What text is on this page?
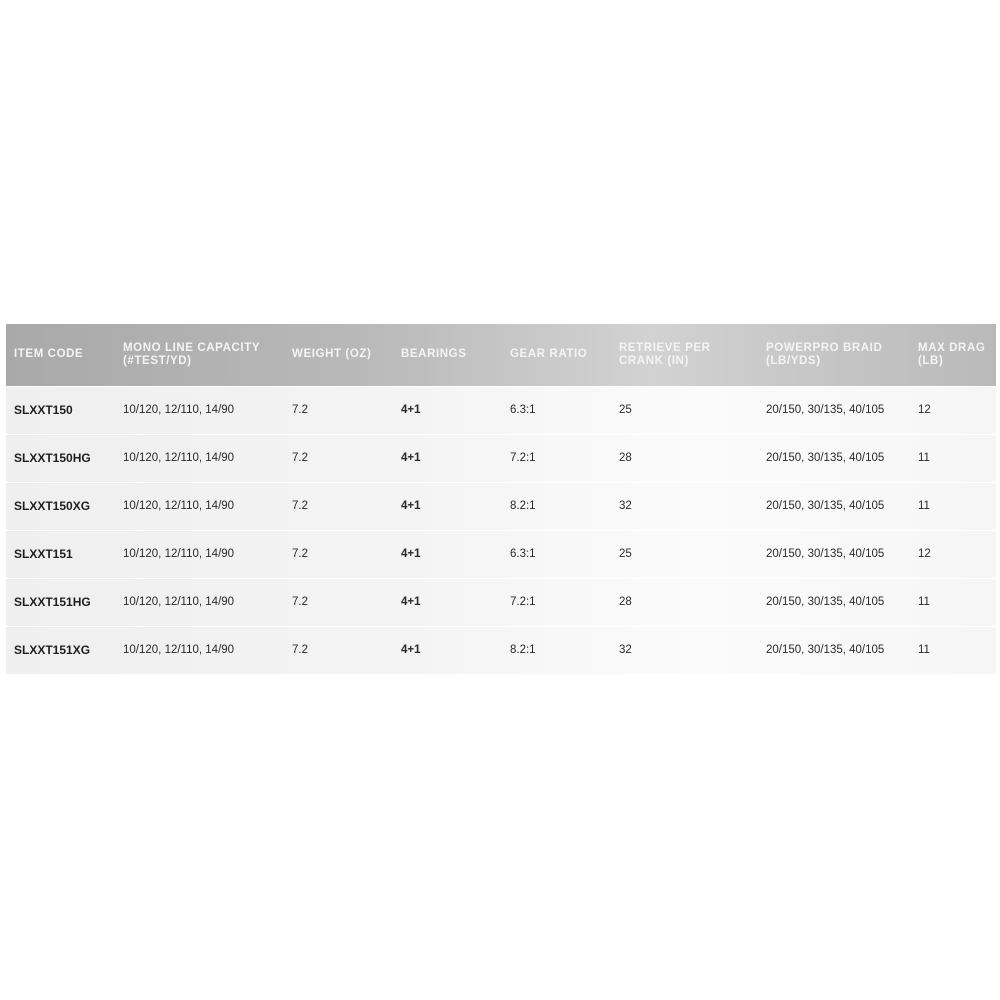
ITEM CODE	MONO LINE CAPACITY (#TEST/YD)	WEIGHT (OZ)	BEARINGS	GEAR RATIO	RETRIEVE PER CRANK (IN)	POWERPRO BRAID (LB/YDS)	MAX DRAG (LB)
SLXXT150	10/120, 12/110, 14/90	7.2	4+1	6.3:1	25	20/150, 30/135, 40/105	12
SLXXT150HG	10/120, 12/110, 14/90	7.2	4+1	7.2:1	28	20/150, 30/135, 40/105	11
SLXXT150XG	10/120, 12/110, 14/90	7.2	4+1	8.2:1	32	20/150, 30/135, 40/105	11
SLXXT151	10/120, 12/110, 14/90	7.2	4+1	6.3:1	25	20/150, 30/135, 40/105	12
SLXXT151HG	10/120, 12/110, 14/90	7.2	4+1	7.2:1	28	20/150, 30/135, 40/105	11
SLXXT151XG	10/120, 12/110, 14/90	7.2	4+1	8.2:1	32	20/150, 30/135, 40/105	11
